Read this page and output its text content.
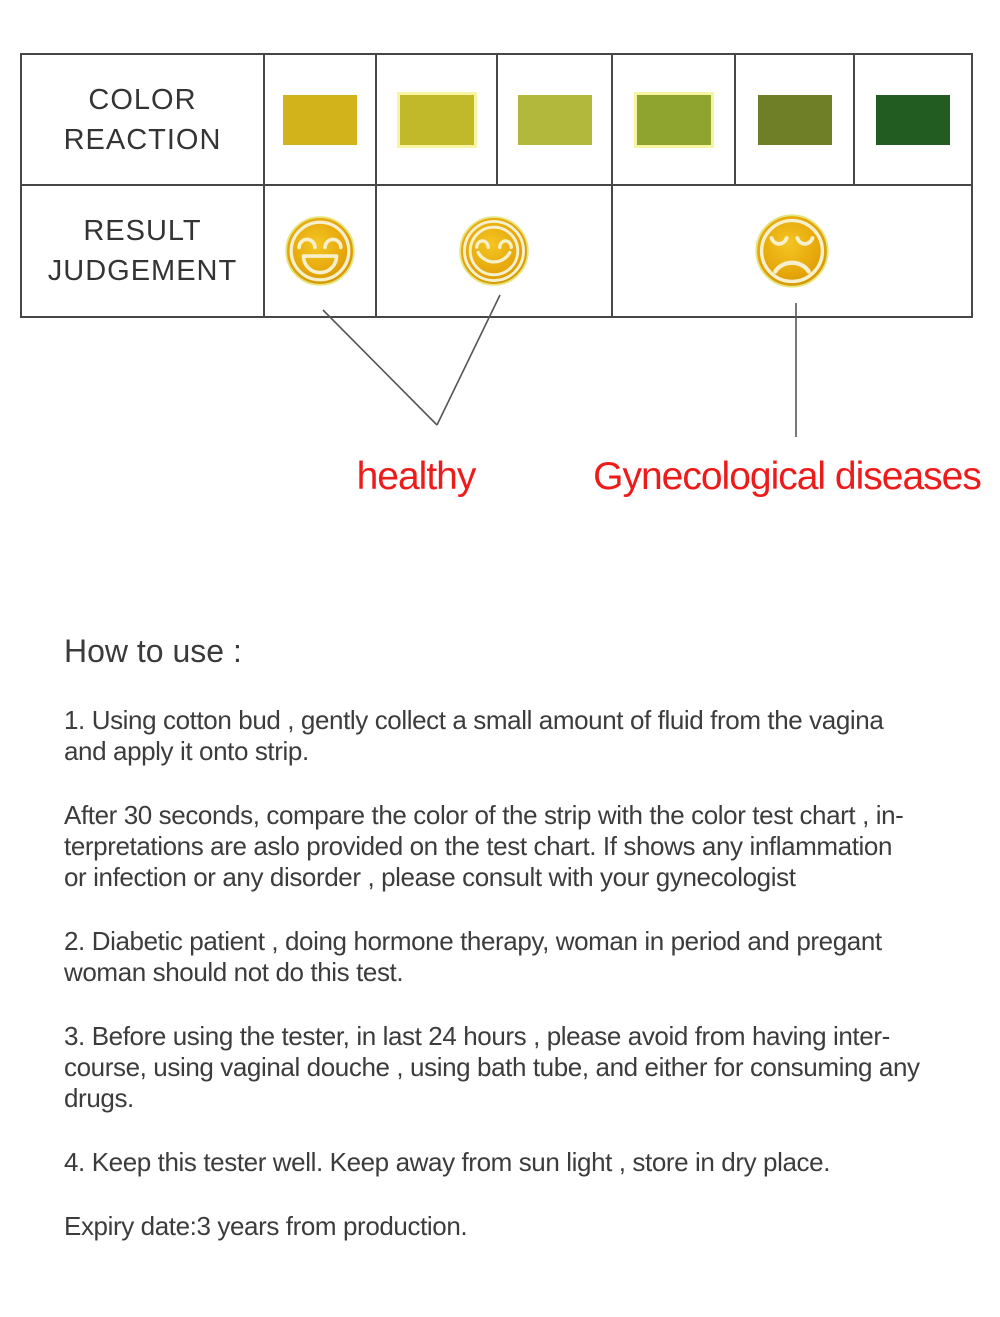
COLOR
REACTION
RESULT
JUDGEMENT
healthy	Gynecological diseases
How to use :
1. Using cotton bud , gently collect a small amount of fluid from the vagina
and apply it onto strip.
After 30 seconds, compare the color of the strip with the color test chart , in-
terpretations are aslo provided on the test chart. If shows any inflammation
or infection or any disorder , please consult with your gynecologist
2. Diabetic patient , doing hormone therapy, woman in period and pregant
woman should not do this test.
3. Before using the tester, in last 24 hours , please avoid from having inter-
course, using vaginal douche , using bath tube, and either for consuming any
drugs.
4. Keep this tester well. Keep away from sun light , store in dry place.
Expiry date:3 years from production.
